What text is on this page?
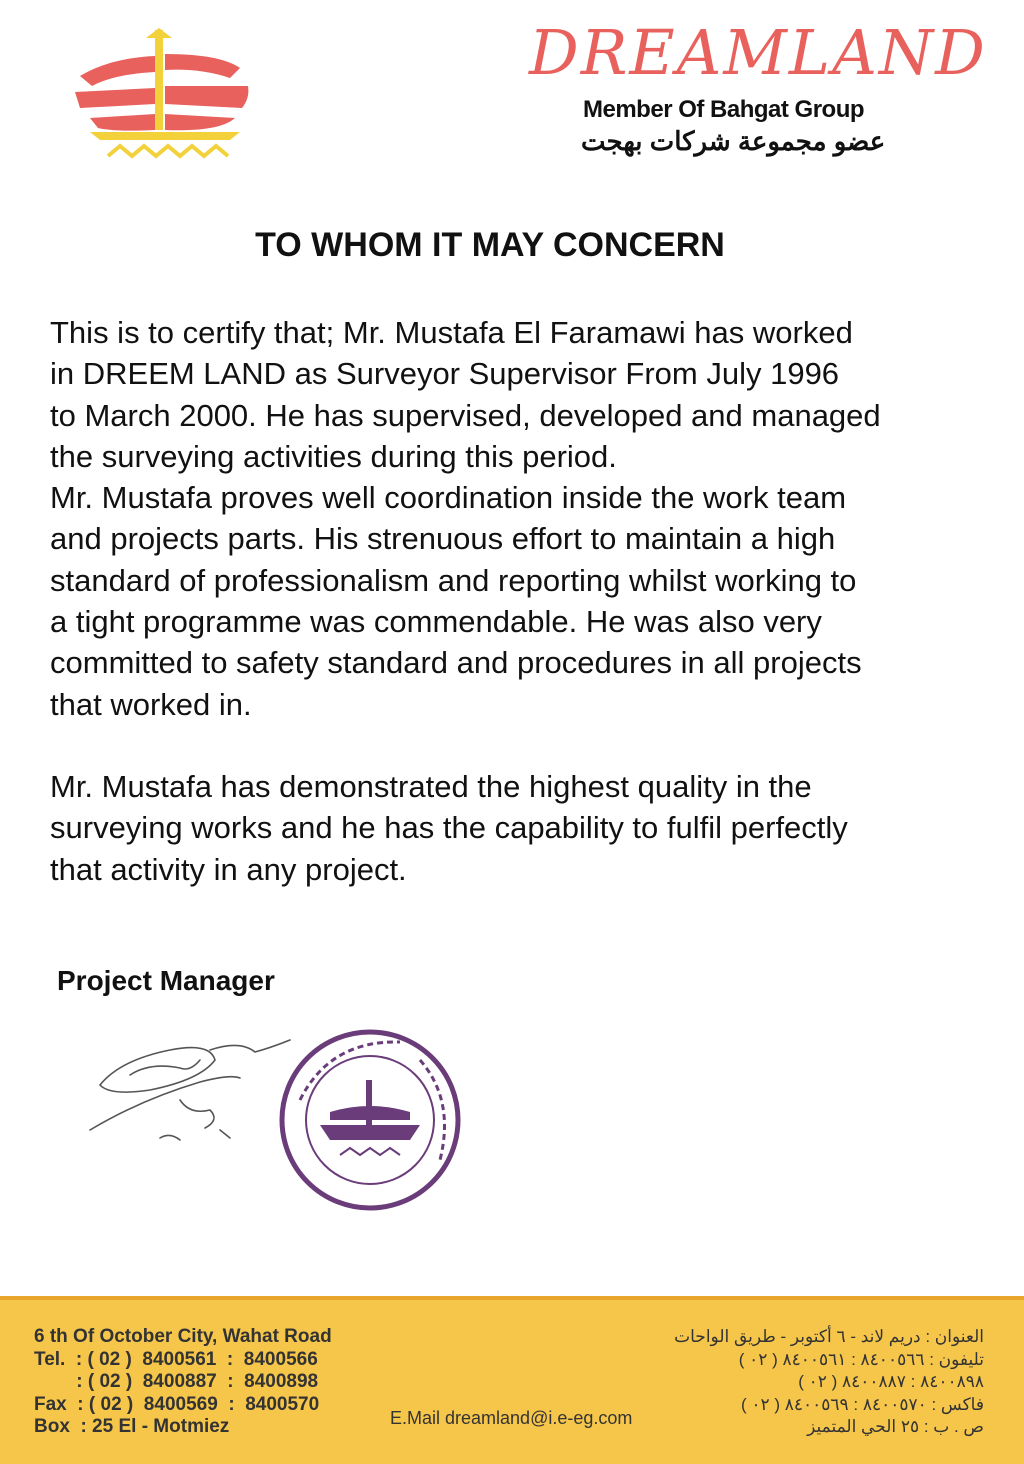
DREAMLAND
Member Of Bahgat Group
عضو مجموعة شركات بهجت
TO WHOM IT MAY CONCERN

This is to certify that; Mr. Mustafa El Faramawi has worked

in DREEM LAND as Surveyor Supervisor From July 1996

to March 2000. He has supervised, developed and managed

the surveying activities during this period.

Mr. Mustafa proves well coordination inside the work team

and projects parts. His strenuous effort to maintain a high

standard of professionalism and reporting whilst working to

a tight programme was commendable. He was also very

committed to safety standard and procedures in all projects

that worked in.

Mr. Mustafa has demonstrated the highest quality in the

surveying works and he has the capability to fulfil perfectly

that activity in any project.

Project Manager
6 th Of October City, Wahat Road
Tel.  : ( 02 )  8400561  :  8400566
: ( 02 )  8400887  :  8400898
Fax  : ( 02 )  8400569  :  8400570
Box  : 25 El - Motmiez	E.Mail dreamland@i.e-eg.com
العنوان : دريم لاند - ٦ أكتوبر - طريق الواحات
تليفون : ٨٤٠٠٥٦٦ : ٨٤٠٠٥٦١ ( ٠٢ )
٨٤٠٠٨٩٨ : ٨٤٠٠٨٨٧ ( ٠٢ )
فاكس : ٨٤٠٠٥٧٠ : ٨٤٠٠٥٦٩ ( ٠٢ )
ص . ب : ٢٥ الحي المتميز
